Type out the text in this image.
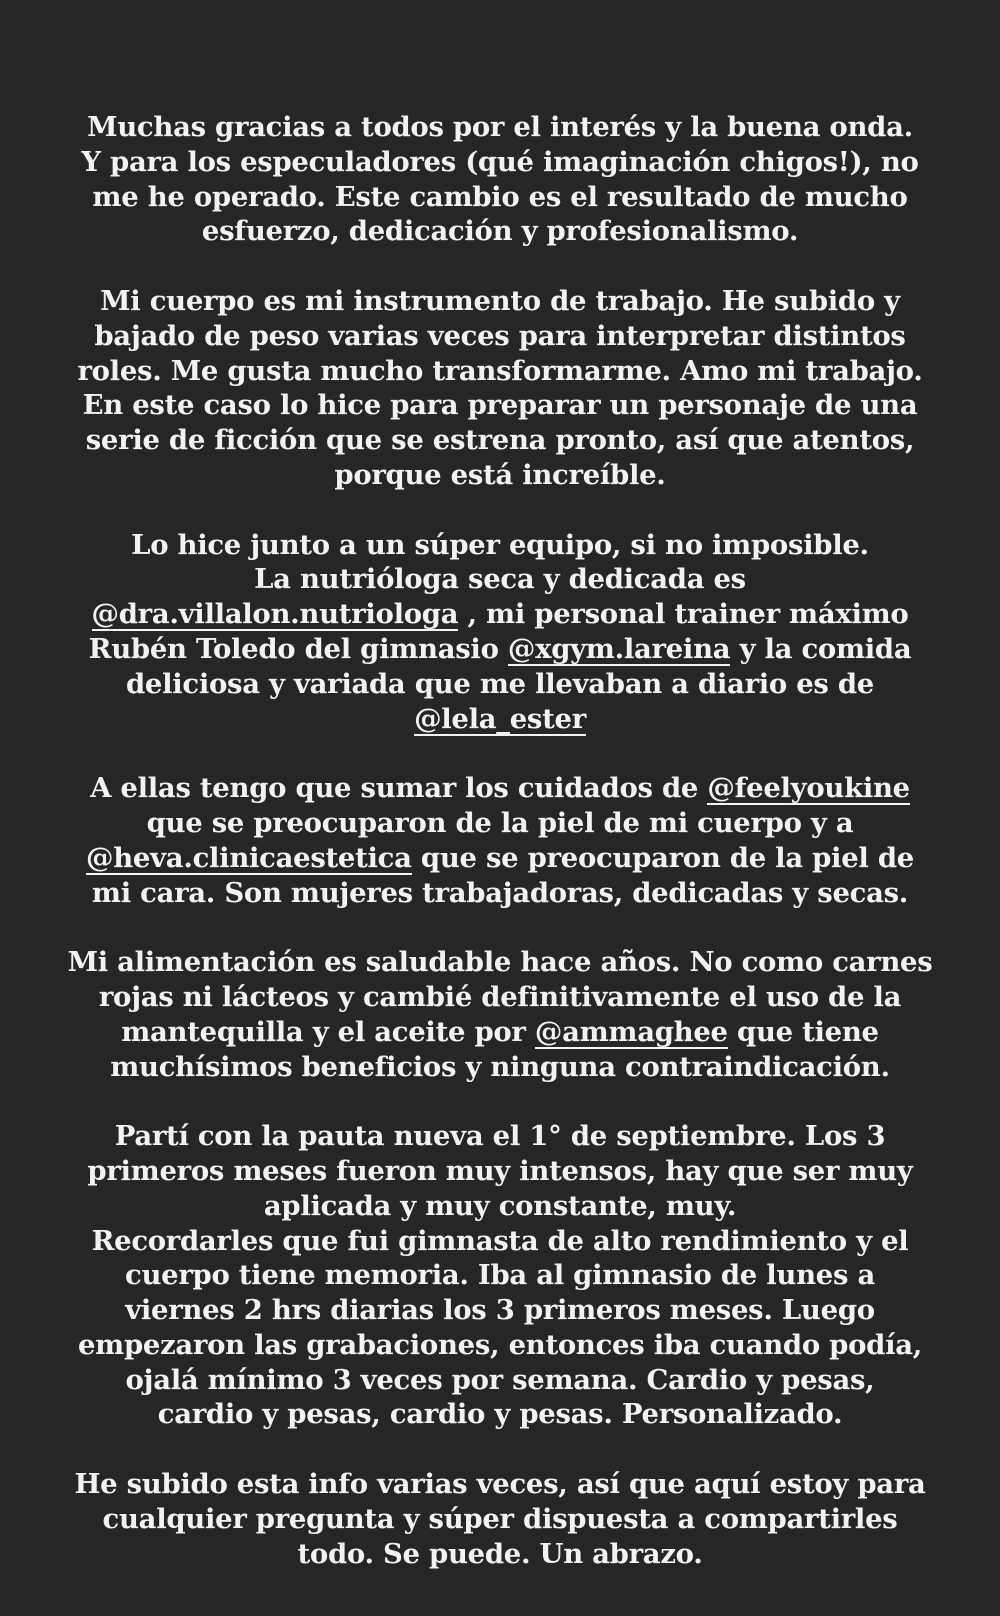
Muchas gracias a todos por el interés y la buena onda.
Y para los especuladores (qué imaginación chigos!), no
me he operado. Este cambio es el resultado de mucho
esfuerzo, dedicación y profesionalismo.
Mi cuerpo es mi instrumento de trabajo. He subido y
bajado de peso varias veces para interpretar distintos
roles. Me gusta mucho transformarme. Amo mi trabajo.
En este caso lo hice para preparar un personaje de una
serie de ficción que se estrena pronto, así que atentos,
porque está increíble.
Lo hice junto a un súper equipo, si no imposible.
La nutrióloga seca y dedicada es
@dra.villalon.nutriologa , mi personal trainer máximo
Rubén Toledo del gimnasio @xgym.lareina y la comida
deliciosa y variada que me llevaban a diario es de
@lela_ester
A ellas tengo que sumar los cuidados de @feelyoukine
que se preocuparon de la piel de mi cuerpo y a
@heva.clinicaestetica que se preocuparon de la piel de
mi cara. Son mujeres trabajadoras, dedicadas y secas.
Mi alimentación es saludable hace años. No como carnes
rojas ni lácteos y cambié definitivamente el uso de la
mantequilla y el aceite por @ammaghee que tiene
muchísimos beneficios y ninguna contraindicación.
Partí con la pauta nueva el 1° de septiembre. Los 3
primeros meses fueron muy intensos, hay que ser muy
aplicada y muy constante, muy.
Recordarles que fui gimnasta de alto rendimiento y el
cuerpo tiene memoria. Iba al gimnasio de lunes a
viernes 2 hrs diarias los 3 primeros meses. Luego
empezaron las grabaciones, entonces iba cuando podía,
ojalá mínimo 3 veces por semana. Cardio y pesas,
cardio y pesas, cardio y pesas. Personalizado.
He subido esta info varias veces, así que aquí estoy para
cualquier pregunta y súper dispuesta a compartirles
todo. Se puede. Un abrazo.
